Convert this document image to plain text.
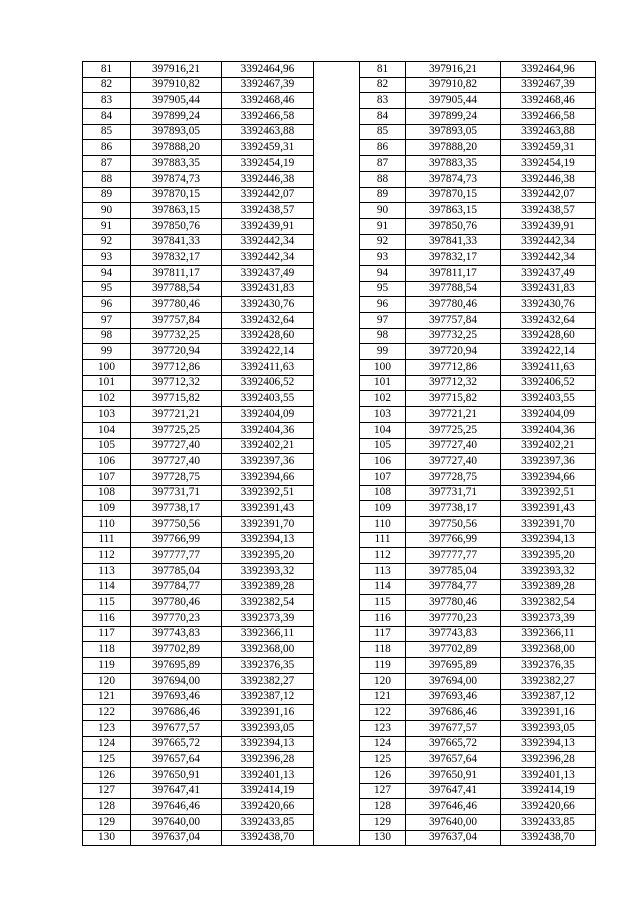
81	397916,21	3392464,96		81	397916,21	3392464,96
82	397910,82	3392467,39		82	397910,82	3392467,39
83	397905,44	3392468,46		83	397905,44	3392468,46
84	397899,24	3392466,58		84	397899,24	3392466,58
85	397893,05	3392463,88		85	397893,05	3392463,88
86	397888,20	3392459,31		86	397888,20	3392459,31
87	397883,35	3392454,19		87	397883,35	3392454,19
88	397874,73	3392446,38		88	397874,73	3392446,38
89	397870,15	3392442,07		89	397870,15	3392442,07
90	397863,15	3392438,57		90	397863,15	3392438,57
91	397850,76	3392439,91		91	397850,76	3392439,91
92	397841,33	3392442,34		92	397841,33	3392442,34
93	397832,17	3392442,34		93	397832,17	3392442,34
94	397811,17	3392437,49		94	397811,17	3392437,49
95	397788,54	3392431,83		95	397788,54	3392431,83
96	397780,46	3392430,76		96	397780,46	3392430,76
97	397757,84	3392432,64		97	397757,84	3392432,64
98	397732,25	3392428,60		98	397732,25	3392428,60
99	397720,94	3392422,14		99	397720,94	3392422,14
100	397712,86	3392411,63		100	397712,86	3392411,63
101	397712,32	3392406,52		101	397712,32	3392406,52
102	397715,82	3392403,55		102	397715,82	3392403,55
103	397721,21	3392404,09		103	397721,21	3392404,09
104	397725,25	3392404,36		104	397725,25	3392404,36
105	397727,40	3392402,21		105	397727,40	3392402,21
106	397727,40	3392397,36		106	397727,40	3392397,36
107	397728,75	3392394,66		107	397728,75	3392394,66
108	397731,71	3392392,51		108	397731,71	3392392,51
109	397738,17	3392391,43		109	397738,17	3392391,43
110	397750,56	3392391,70		110	397750,56	3392391,70
111	397766,99	3392394,13		111	397766,99	3392394,13
112	397777,77	3392395,20		112	397777,77	3392395,20
113	397785,04	3392393,32		113	397785,04	3392393,32
114	397784,77	3392389,28		114	397784,77	3392389,28
115	397780,46	3392382,54		115	397780,46	3392382,54
116	397770,23	3392373,39		116	397770,23	3392373,39
117	397743,83	3392366,11		117	397743,83	3392366,11
118	397702,89	3392368,00		118	397702,89	3392368,00
119	397695,89	3392376,35		119	397695,89	3392376,35
120	397694,00	3392382,27		120	397694,00	3392382,27
121	397693,46	3392387,12		121	397693,46	3392387,12
122	397686,46	3392391,16		122	397686,46	3392391,16
123	397677,57	3392393,05		123	397677,57	3392393,05
124	397665,72	3392394,13		124	397665,72	3392394,13
125	397657,64	3392396,28		125	397657,64	3392396,28
126	397650,91	3392401,13		126	397650,91	3392401,13
127	397647,41	3392414,19		127	397647,41	3392414,19
128	397646,46	3392420,66		128	397646,46	3392420,66
129	397640,00	3392433,85		129	397640,00	3392433,85
130	397637,04	3392438,70		130	397637,04	3392438,70
